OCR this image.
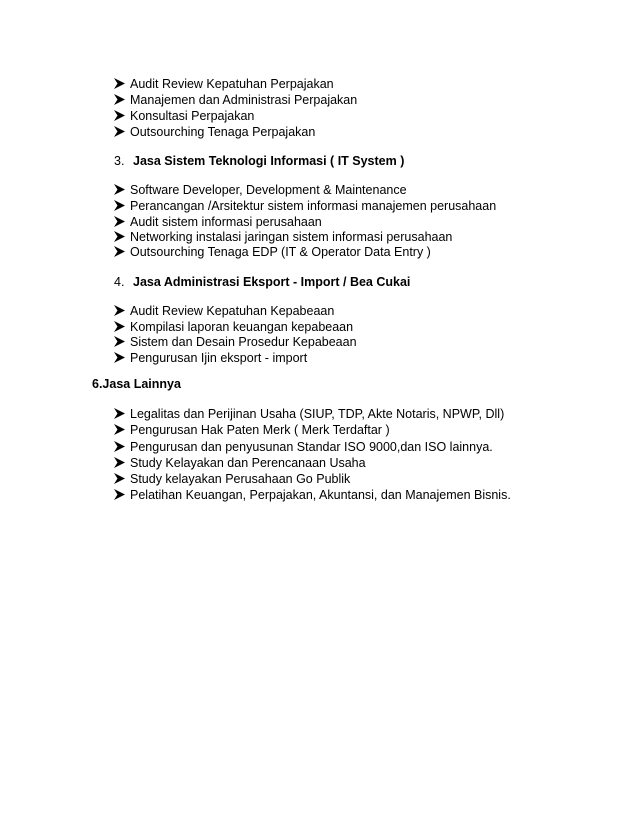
Audit Review Kepatuhan Perpajakan
Manajemen dan Administrasi Perpajakan
Konsultasi Perpajakan
Outsourching Tenaga Perpajakan
3. Jasa Sistem Teknologi Informasi ( IT System )
Software Developer, Development & Maintenance
Perancangan /Arsitektur sistem informasi manajemen perusahaan
Audit sistem informasi perusahaan
Networking instalasi jaringan sistem informasi perusahaan
Outsourching Tenaga EDP (IT & Operator Data Entry )
4. Jasa Administrasi Eksport - Import / Bea Cukai
Audit Review Kepatuhan Kepabeaan
Kompilasi laporan keuangan kepabeaan
Sistem dan Desain Prosedur Kepabeaan
Pengurusan Ijin eksport - import
6.Jasa Lainnya
Legalitas dan Perijinan Usaha (SIUP, TDP, Akte Notaris, NPWP, Dll)
Pengurusan Hak Paten Merk ( Merk Terdaftar )
Pengurusan dan penyusunan Standar ISO 9000,dan ISO lainnya.
Study Kelayakan dan Perencanaan Usaha
Study kelayakan Perusahaan Go Publik
Pelatihan Keuangan, Perpajakan, Akuntansi, dan Manajemen Bisnis.
